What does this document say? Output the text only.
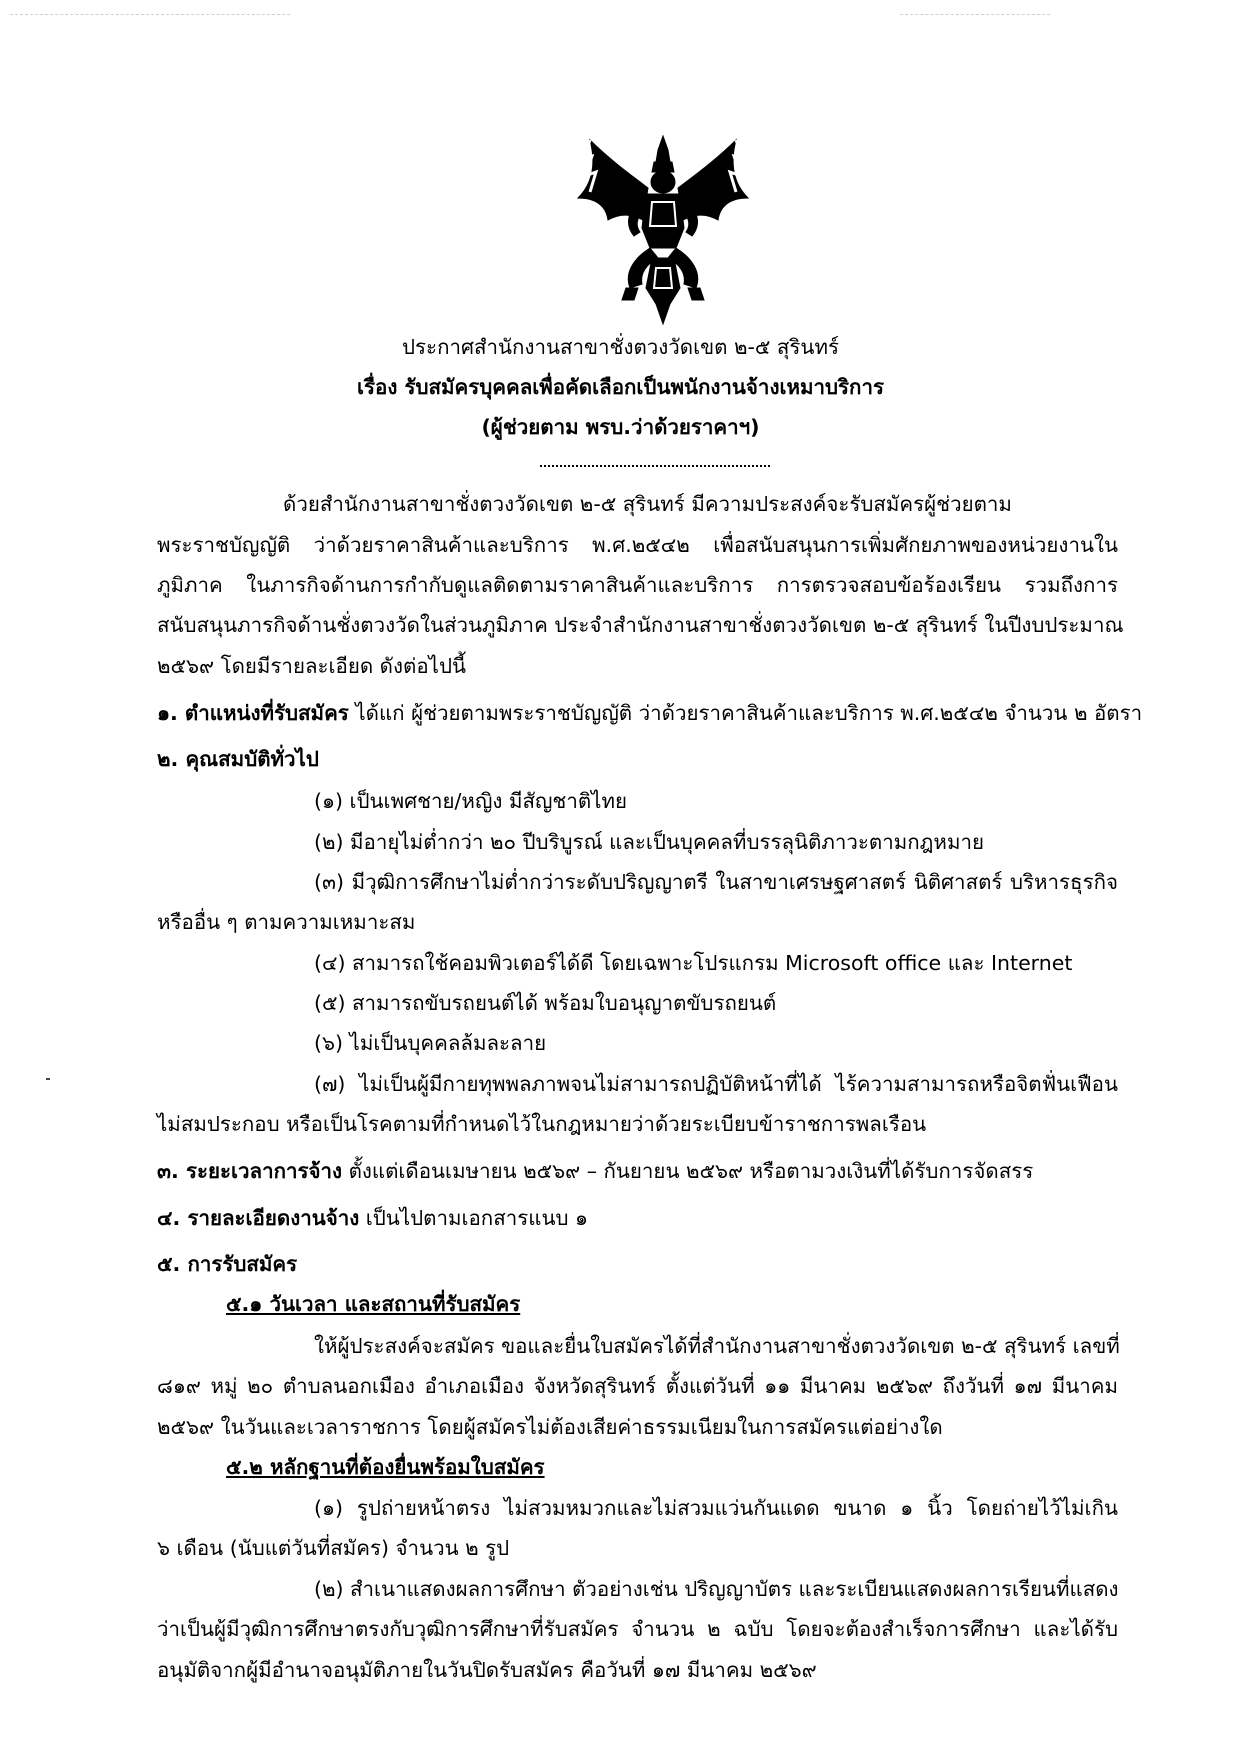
ประกาศสำนักงานสาขาชั่งตวงวัดเขต ๒-๕ สุรินทร์
เรื่อง รับสมัครบุคคลเพื่อคัดเลือกเป็นพนักงานจ้างเหมาบริการ
(ผู้ช่วยตาม พรบ.ว่าด้วยราคาฯ)
ด้วยสำนักงานสาขาชั่งตวงวัดเขต ๒-๕ สุรินทร์ มีความประสงค์จะรับสมัครผู้ช่วยตาม
พระราชบัญญัติ ว่าด้วยราคาสินค้าและบริการ พ.ศ.๒๕๔๒ เพื่อสนับสนุนการเพิ่มศักยภาพของหน่วยงานใน
ภูมิภาค ในภารกิจด้านการกำกับดูแลติดตามราคาสินค้าและบริการ การตรวจสอบข้อร้องเรียน รวมถึงการ
สนับสนุนภารกิจด้านชั่งตวงวัดในส่วนภูมิภาค ประจำสำนักงานสาขาชั่งตวงวัดเขต ๒-๕ สุรินทร์ ในปีงบประมาณ
๒๕๖๙ โดยมีรายละเอียด ดังต่อไปนี้
๑. ตำแหน่งที่รับสมัคร ได้แก่ ผู้ช่วยตามพระราชบัญญัติ ว่าด้วยราคาสินค้าและบริการ พ.ศ.๒๕๔๒ จำนวน ๒ อัตรา
๒. คุณสมบัติทั่วไป
(๑) เป็นเพศชาย/หญิง มีสัญชาติไทย
(๒) มีอายุไม่ต่ำกว่า ๒๐ ปีบริบูรณ์ และเป็นบุคคลที่บรรลุนิติภาวะตามกฎหมาย
(๓) มีวุฒิการศึกษาไม่ต่ำกว่าระดับปริญญาตรี ในสาขาเศรษฐศาสตร์ นิติศาสตร์ บริหารธุรกิจ
หรืออื่น ๆ ตามความเหมาะสม
(๔) สามารถใช้คอมพิวเตอร์ได้ดี โดยเฉพาะโปรแกรม Microsoft office และ Internet
(๕) สามารถขับรถยนต์ได้ พร้อมใบอนุญาตขับรถยนต์
(๖) ไม่เป็นบุคคลล้มละลาย
(๗) ไม่เป็นผู้มีกายทุพพลภาพจนไม่สามารถปฏิบัติหน้าที่ได้ ไร้ความสามารถหรือจิตฟั่นเฟือน
ไม่สมประกอบ หรือเป็นโรคตามที่กำหนดไว้ในกฎหมายว่าด้วยระเบียบข้าราชการพลเรือน
๓. ระยะเวลาการจ้าง ตั้งแต่เดือนเมษายน ๒๕๖๙ – กันยายน ๒๕๖๙ หรือตามวงเงินที่ได้รับการจัดสรร
๔. รายละเอียดงานจ้าง เป็นไปตามเอกสารแนบ ๑
๕. การรับสมัคร
๕.๑ วันเวลา และสถานที่รับสมัคร
ให้ผู้ประสงค์จะสมัคร ขอและยื่นใบสมัครได้ที่สำนักงานสาขาชั่งตวงวัดเขต ๒-๕ สุรินทร์ เลขที่
๘๑๙ หมู่ ๒๐ ตำบลนอกเมือง อำเภอเมือง จังหวัดสุรินทร์ ตั้งแต่วันที่ ๑๑ มีนาคม ๒๕๖๙ ถึงวันที่ ๑๗ มีนาคม
๒๕๖๙ ในวันและเวลาราชการ โดยผู้สมัครไม่ต้องเสียค่าธรรมเนียมในการสมัครแต่อย่างใด
๕.๒ หลักฐานที่ต้องยื่นพร้อมใบสมัคร
(๑) รูปถ่ายหน้าตรง ไม่สวมหมวกและไม่สวมแว่นกันแดด ขนาด ๑ นิ้ว โดยถ่ายไว้ไม่เกิน
๖ เดือน (นับแต่วันที่สมัคร) จำนวน ๒ รูป
(๒) สำเนาแสดงผลการศึกษา ตัวอย่างเช่น ปริญญาบัตร และระเบียนแสดงผลการเรียนที่แสดง
ว่าเป็นผู้มีวุฒิการศึกษาตรงกับวุฒิการศึกษาที่รับสมัคร จำนวน ๒ ฉบับ โดยจะต้องสำเร็จการศึกษา และได้รับ
อนุมัติจากผู้มีอำนาจอนุมัติภายในวันปิดรับสมัคร คือวันที่ ๑๗ มีนาคม ๒๕๖๙
